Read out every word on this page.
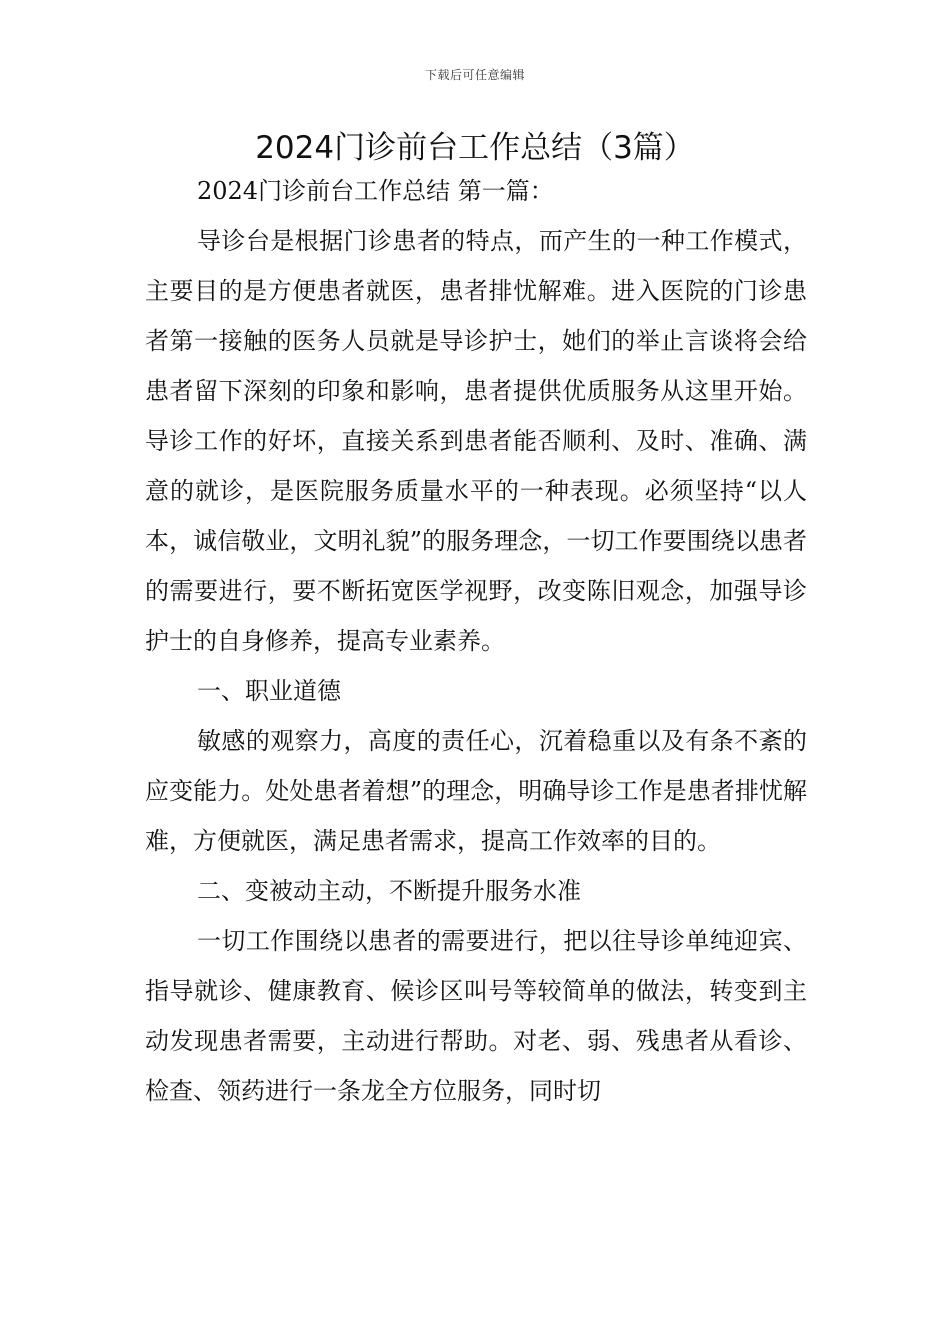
下载后可任意编辑
2024门诊前台工作总结（3篇）

2024门诊前台工作总结 第一篇：

导诊台是根据门诊患者的特点，而产生的一种工作模式，主要目的是方便患者就医，患者排忧解难。进入医院的门诊患者第一接触的医务人员就是导诊护士，她们的举止言谈将会给患者留下深刻的印象和影响，患者提供优质服务从这里开始。导诊工作的好坏，直接关系到患者能否顺利、及时、准确、满意的就诊，是医院服务质量水平的一种表现。必须坚持“以人本，诚信敬业，文明礼貌”的服务理念，一切工作要围绕以患者的需要进行，要不断拓宽医学视野，改变陈旧观念，加强导诊护士的自身修养，提高专业素养。

一、职业道德

敏感的观察力，高度的责任心，沉着稳重以及有条不紊的应变能力。处处患者着想”的理念，明确导诊工作是患者排忧解难，方便就医，满足患者需求，提高工作效率的目的。

二、变被动主动，不断提升服务水准

一切工作围绕以患者的需要进行，把以往导诊单纯迎宾、指导就诊、健康教育、候诊区叫号等较简单的做法，转变到主动发现患者需要，主动进行帮助。对老、弱、残患者从看诊、检查、领药进行一条龙全方位服务，同时切
